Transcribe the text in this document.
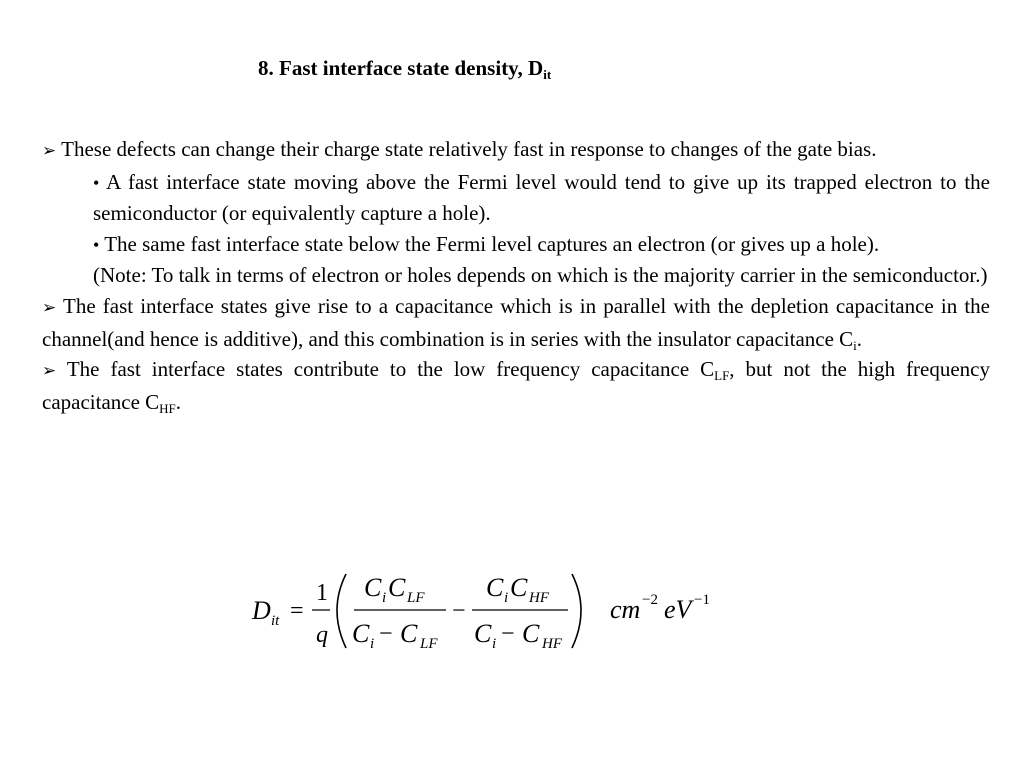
8. Fast interface state density, $D_{it}$

➢ These defects can change their charge state relatively fast in response to changes of the gate bias.

• A fast interface state moving above the Fermi level would tend to give up its trapped electron to the semiconductor (or equivalently capture a hole).

• The same fast interface state below the Fermi level captures an electron (or gives up a hole).

(Note: To talk in terms of electron or holes depends on which is the majority carrier in the semiconductor.)

➢ The fast interface states give rise to a capacitance which is in parallel with the depletion capacitance in the channel(and hence is additive), and this combination is in series with the insulator capacitance $C_i$.

➢ The fast interface states contribute to the low frequency capacitance $C_{LF}$, but not the high frequency capacitance $C_{HF}$.

D it =
1
q
C i C LF
C i C LF
−
−
C i C HF
C i C HF
−
cm −2 eV −1
